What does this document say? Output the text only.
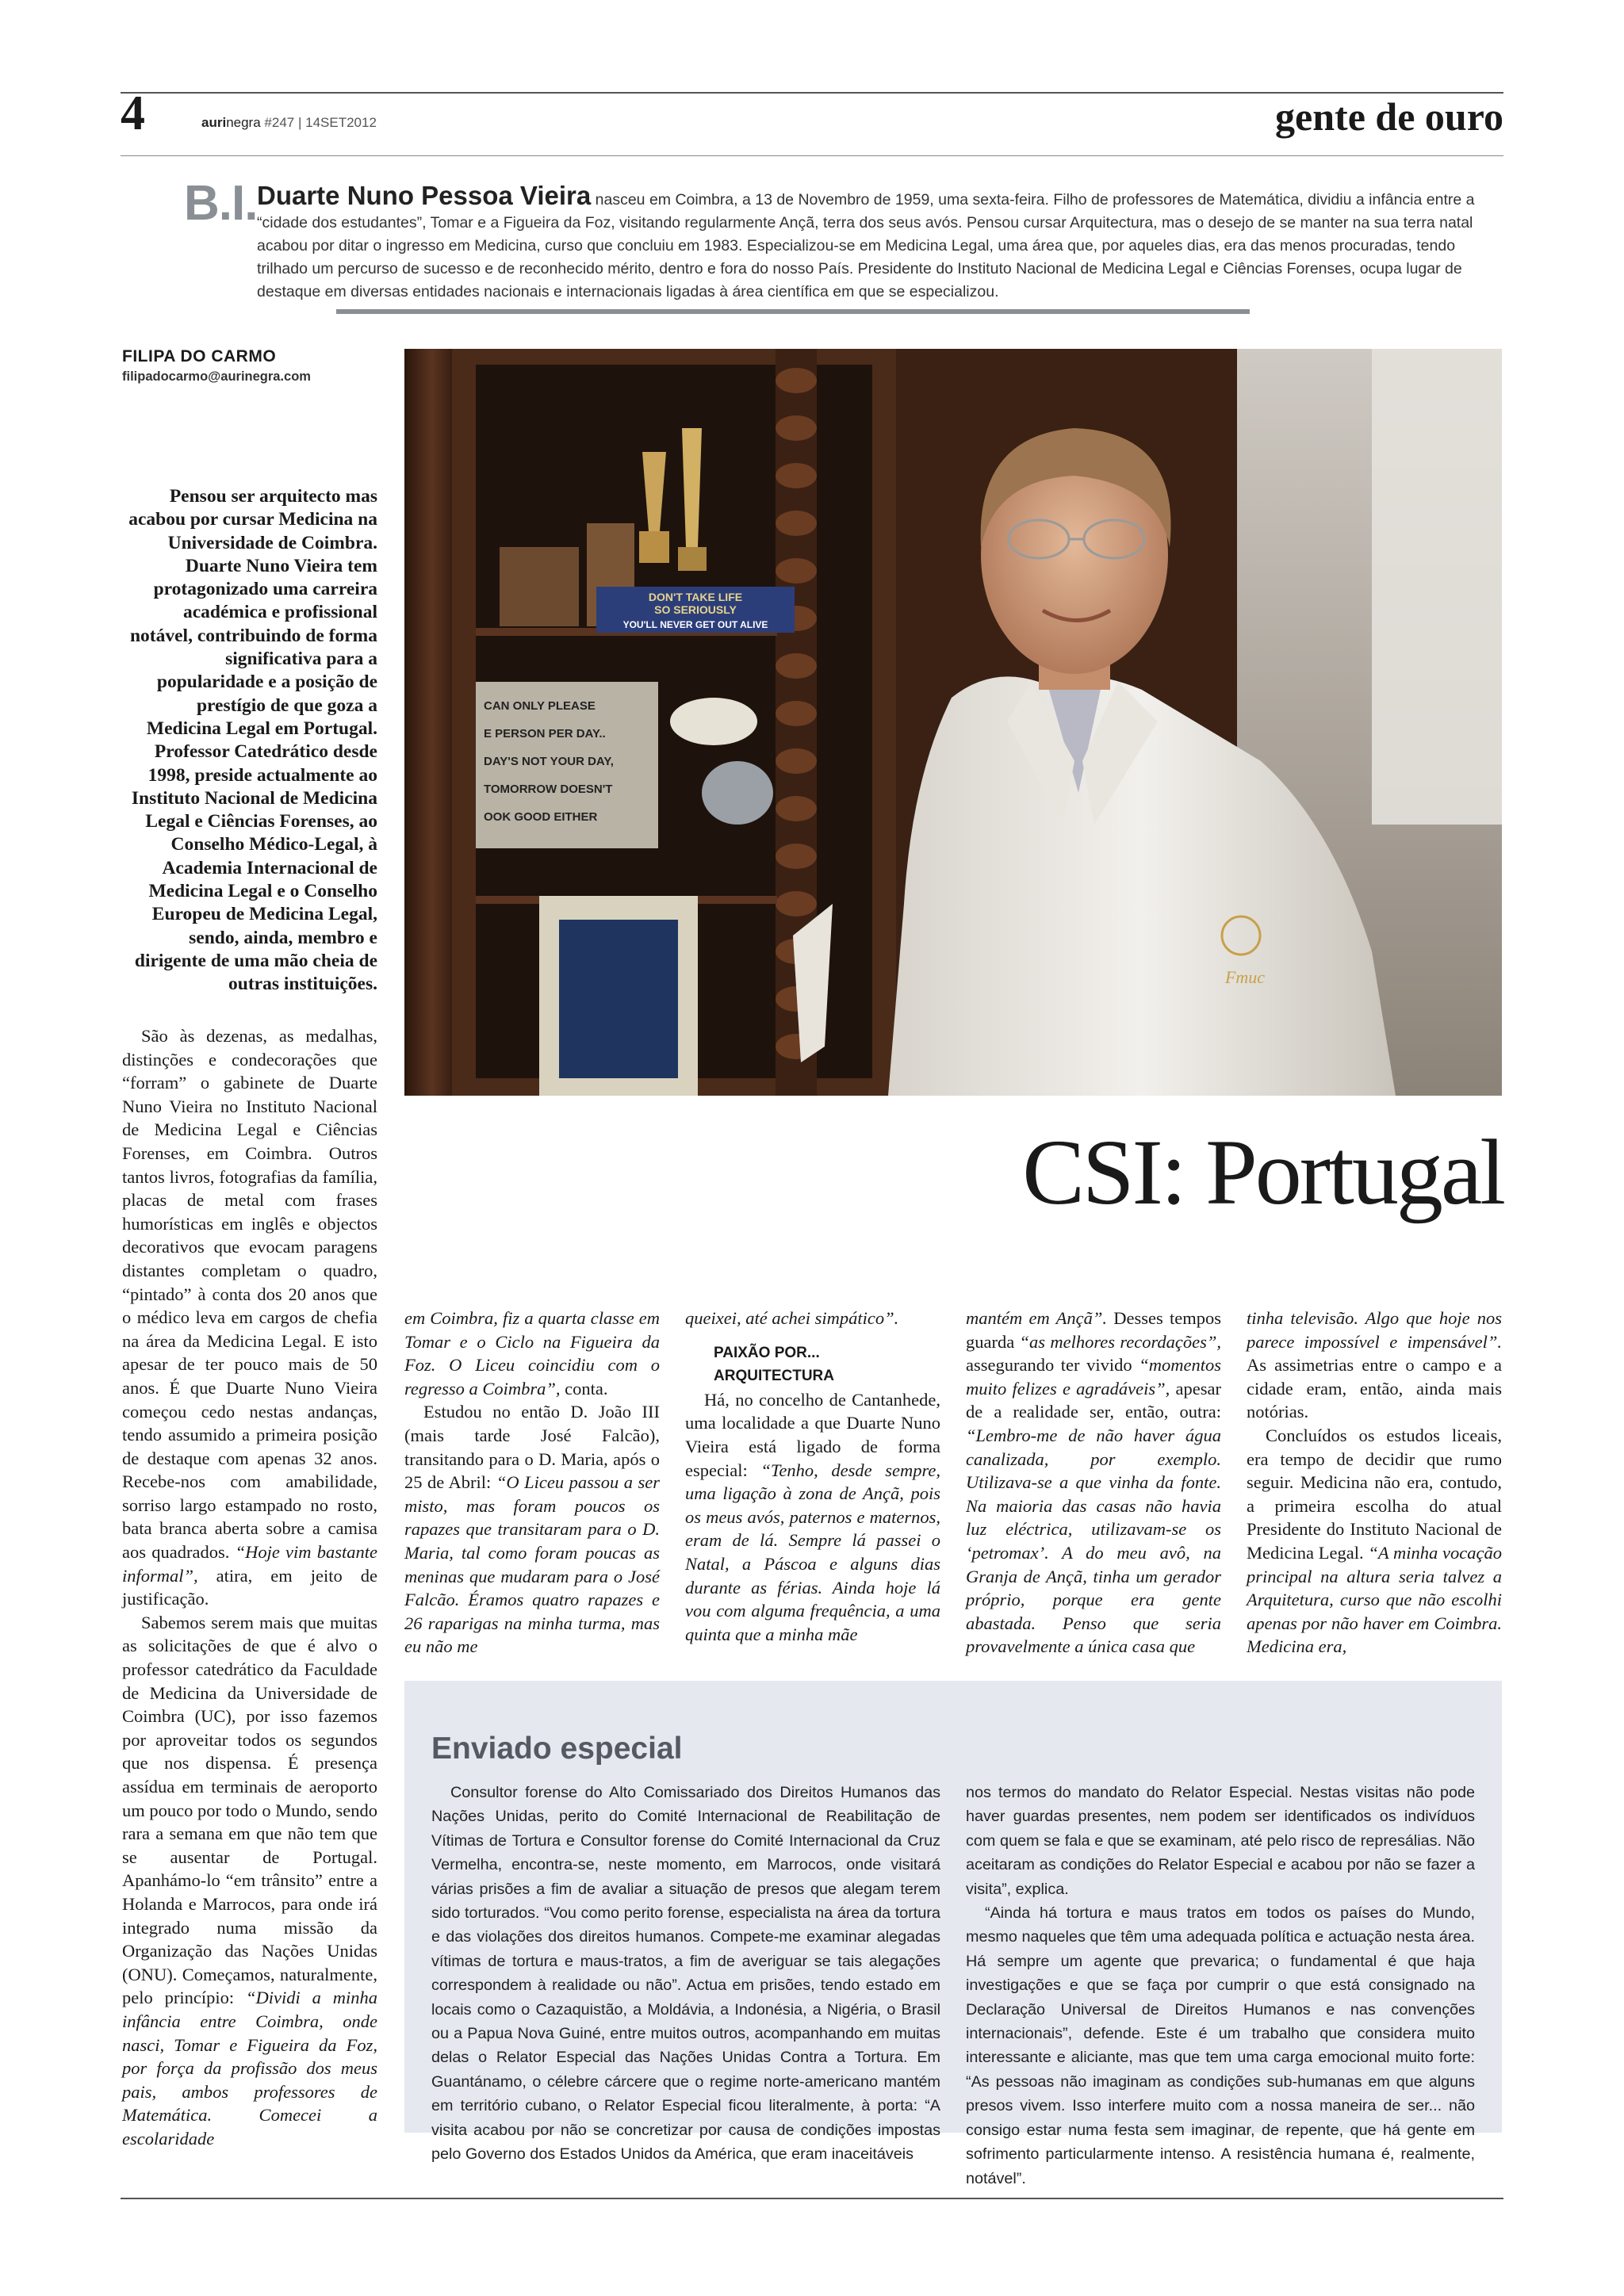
4	aurinegra #247 | 14SET2012	gente de ouro
B.I. Duarte Nuno Pessoa Vieira nasceu em Coimbra, a 13 de Novembro de 1959, uma sexta-feira. Filho de professores de Matemática, dividiu a infância entre a “cidade dos estudantes”, Tomar e a Figueira da Foz, visitando regularmente Ançã, terra dos seus avós. Pensou cursar Arquitectura, mas o desejo de se manter na sua terra natal acabou por ditar o ingresso em Medicina, curso que concluiu em 1983. Especializou-se em Medicina Legal, uma área que, por aqueles dias, era das menos procuradas, tendo trilhado um percurso de sucesso e de reconhecido mérito, dentro e fora do nosso País. Presidente do Instituto Nacional de Medicina Legal e Ciências Forenses, ocupa lugar de destaque em diversas entidades nacionais e internacionais ligadas à área científica em que se especializou.
FILIPA DO CARMO
filipadocarmo@aurinegra.com
Pensou ser arquitecto mas acabou por cursar Medicina na Universidade de Coimbra. Duarte Nuno Vieira tem protagonizado uma carreira académica e profissional notável, contribuindo de forma significativa para a popularidade e a posição de prestígio de que goza a Medicina Legal em Portugal. Professor Catedrático desde 1998, preside actualmente ao Instituto Nacional de Medicina Legal e Ciências Forenses, ao Conselho Médico-Legal, à Academia Internacional de Medicina Legal e o Conselho Europeu de Medicina Legal, sendo, ainda, membro e dirigente de uma mão cheia de outras instituições.
DON'T TAKE LIFE
SO SERIOUSLY
YOU'LL NEVER GET OUT ALIVE
CAN ONLY PLEASE
E PERSON PER DAY..
DAY'S NOT YOUR DAY,
TOMORROW DOESN'T
OOK GOOD EITHER
Fmuc
CSI: Portugal

São às dezenas, as medalhas, distinções e condecorações que “forram” o gabinete de Duarte Nuno Vieira no Instituto Nacional de Medicina Legal e Ciências Forenses, em Coimbra. Outros tantos livros, fotografias da família, placas de metal com frases humorísticas em inglês e objectos decorativos que evocam paragens distantes completam o quadro, “pintado” à conta dos 20 anos que o médico leva em cargos de chefia na área da Medicina Legal. E isto apesar de ter pouco mais de 50 anos. É que Duarte Nuno Vieira começou cedo nestas andanças, tendo assumido a primeira posição de destaque com apenas 32 anos. Recebe-nos com amabilidade, sorriso largo estampado no rosto, bata branca aberta sobre a camisa aos quadrados. “Hoje vim bastante informal”, atira, em jeito de justificação.

Sabemos serem mais que muitas as solicitações de que é alvo o professor catedrático da Faculdade de Medicina da Universidade de Coimbra (UC), por isso fazemos por aproveitar todos os segundos que nos dispensa. É presença assídua em terminais de aeroporto um pouco por todo o Mundo, sendo rara a semana em que não tem que se ausentar de Portugal. Apanhámo-lo “em trânsito” entre a Holanda e Marrocos, para onde irá integrado numa missão da Organização das Nações Unidas (ONU). Começamos, naturalmente, pelo princípio: “Dividi a minha infância entre Coimbra, onde nasci, Tomar e Figueira da Foz, por força da profissão dos meus pais, ambos professores de Matemática. Comecei a escolaridade

em Coimbra, fiz a quarta classe em Tomar e o Ciclo na Figueira da Foz. O Liceu coincidiu com o regresso a Coimbra”, conta.

Estudou no então D. João III (mais tarde José Falcão), transitando para o D. Maria, após o 25 de Abril: “O Liceu passou a ser misto, mas foram poucos os rapazes que transitaram para o D. Maria, tal como foram poucas as meninas que mudaram para o José Falcão. Éramos quatro rapazes e 26 raparigas na minha turma, mas eu não me

queixei, até achei simpático”.

PAIXÃO POR...
ARQUITECTURA

Há, no concelho de Cantanhede, uma localidade a que Duarte Nuno Vieira está ligado de forma especial: “Tenho, desde sempre, uma ligação à zona de Ançã, pois os meus avós, paternos e maternos, eram de lá. Sempre lá passei o Natal, a Páscoa e alguns dias durante as férias. Ainda hoje lá vou com alguma frequência, a uma quinta que a minha mãe

mantém em Ançã”. Desses tempos guarda “as melhores recordações”, assegurando ter vivido “momentos muito felizes e agradáveis”, apesar de a realidade ser, então, outra: “Lembro-me de não haver água canalizada, por exemplo. Utilizava-se a que vinha da fonte. Na maioria das casas não havia luz eléctrica, utilizavam-se os ‘petromax’. A do meu avô, na Granja de Ançã, tinha um gerador próprio, porque era gente abastada. Penso que seria provavelmente a única casa que

tinha televisão. Algo que hoje nos parece impossível e impensável”. As assimetrias entre o campo e a cidade eram, então, ainda mais notórias.

Concluídos os estudos liceais, era tempo de decidir que rumo seguir. Medicina não era, contudo, a primeira escolha do atual Presidente do Instituto Nacional de Medicina Legal. “A minha vocação principal na altura seria talvez a Arquitetura, curso que não escolhi apenas por não haver em Coimbra. Medicina era,

Enviado especial

Consultor forense do Alto Comissariado dos Direitos Humanos das Nações Unidas, perito do Comité Internacional de Reabilitação de Vítimas de Tortura e Consultor forense do Comité Internacional da Cruz Vermelha, encontra-se, neste momento, em Marrocos, onde visitará várias prisões a fim de avaliar a situação de presos que alegam terem sido torturados. “Vou como perito forense, especialista na área da tortura e das violações dos direitos humanos. Compete-me examinar alegadas vítimas de tortura e maus-tratos, a fim de averiguar se tais alegações correspondem à realidade ou não”. Actua em prisões, tendo estado em locais como o Cazaquistão, a Moldávia, a Indonésia, a Nigéria, o Brasil ou a Papua Nova Guiné, entre muitos outros, acompanhando em muitas delas o Relator Especial das Nações Unidas Contra a Tortura. Em Guantánamo, o célebre cárcere que o regime norte-americano mantém em território cubano, o Relator Especial ficou literalmente, à porta: “A visita acabou por não se concretizar por causa de condições impostas pelo Governo dos Estados Unidos da América, que eram inaceitáveis

nos termos do mandato do Relator Especial. Nestas visitas não pode haver guardas presentes, nem podem ser identificados os indivíduos com quem se fala e que se examinam, até pelo risco de represálias. Não aceitaram as condições do Relator Especial e acabou por não se fazer a visita”, explica.

“Ainda há tortura e maus tratos em todos os países do Mundo, mesmo naqueles que têm uma adequada política e actuação nesta área. Há sempre um agente que prevarica; o fundamental é que haja investigações e que se faça por cumprir o que está consignado na Declaração Universal de Direitos Humanos e nas convenções internacionais”, defende. Este é um trabalho que considera muito interessante e aliciante, mas que tem uma carga emocional muito forte: “As pessoas não imaginam as condições sub-humanas em que alguns presos vivem. Isso interfere muito com a nossa maneira de ser... não consigo estar numa festa sem imaginar, de repente, que há gente em sofrimento particularmente intenso. A resistência humana é, realmente, notável”.
